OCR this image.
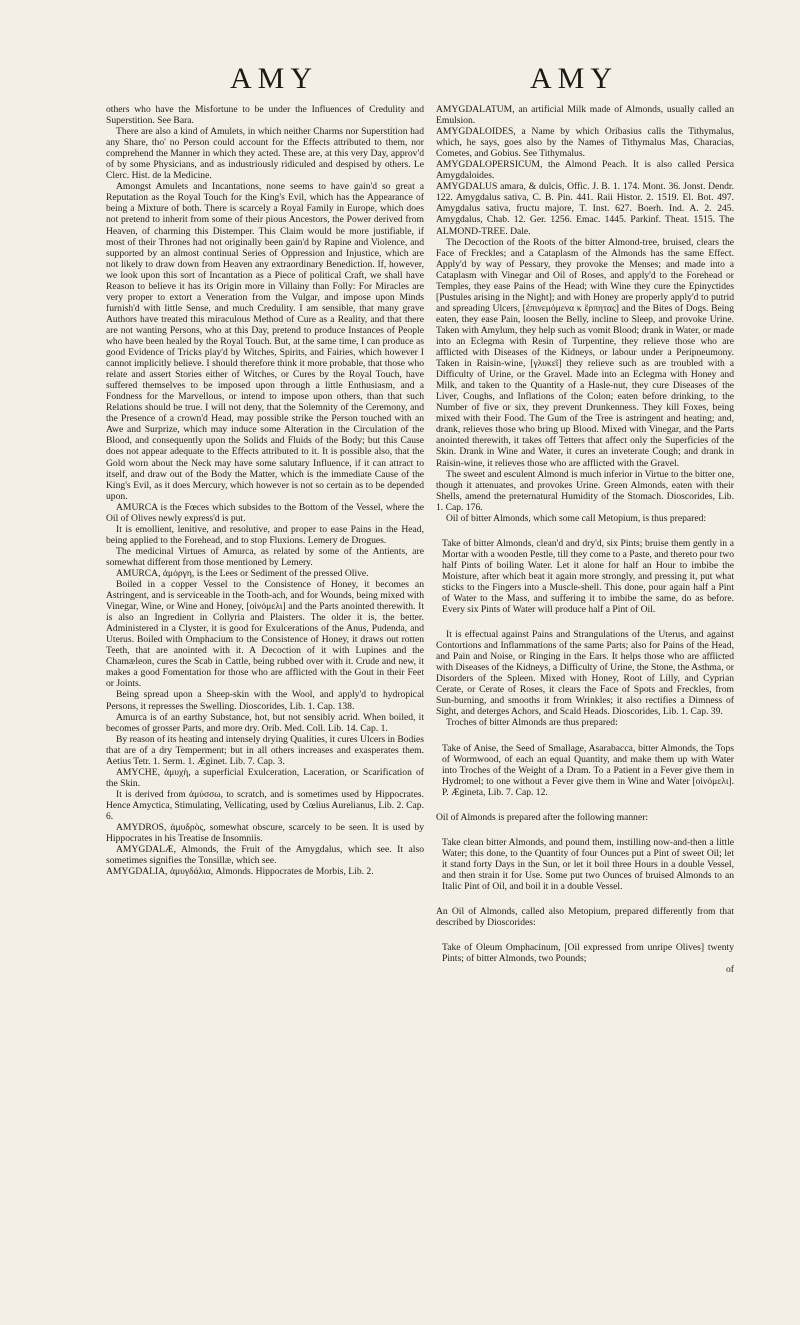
AMY	AMY

others who have the Misfortune to be under the Influences of Credulity and Superstition. See Bara.

There are also a kind of Amulets, in which neither Charms nor Superstition had any Share, tho' no Person could account for the Effects attributed to them, nor comprehend the Manner in which they acted. These are, at this very Day, approv'd of by some Physicians, and as industriously ridiculed and despised by others. Le Clerc. Hist. de la Medicine.

Amongst Amulets and Incantations, none seems to have gain'd so great a Reputation as the Royal Touch for the King's Evil, which has the Appearance of being a Mixture of both. There is scarcely a Royal Family in Europe, which does not pretend to inherit from some of their pious Ancestors, the Power derived from Heaven, of charming this Distemper. This Claim would be more justifiable, if most of their Thrones had not originally been gain'd by Rapine and Violence, and supported by an almost continual Series of Oppression and Injustice, which are not likely to draw down from Heaven any extraordinary Benediction. If, however, we look upon this sort of Incantation as a Piece of political Craft, we shall have Reason to believe it has its Origin more in Villainy than Folly: For Miracles are very proper to extort a Veneration from the Vulgar, and impose upon Minds furnish'd with little Sense, and much Credulity. I am sensible, that many grave Authors have treated this miraculous Method of Cure as a Reality, and that there are not wanting Persons, who at this Day, pretend to produce Instances of People who have been healed by the Royal Touch. But, at the same time, I can produce as good Evidence of Tricks play'd by Witches, Spirits, and Fairies, which however I cannot implicitly believe. I should therefore think it more probable, that those who relate and assert Stories either of Witches, or Cures by the Royal Touch, have suffered themselves to be imposed upon through a little Enthusiasm, and a Fondness for the Marvellous, or intend to impose upon others, than that such Relations should be true. I will not deny, that the Solemnity of the Ceremony, and the Presence of a crown'd Head, may possible strike the Person touched with an Awe and Surprize, which may induce some Alteration in the Circulation of the Blood, and consequently upon the Solids and Fluids of the Body; but this Cause does not appear adequate to the Effects attributed to it. It is possible also, that the Gold worn about the Neck may have some salutary Influence, if it can attract to itself, and draw out of the Body the Matter, which is the immediate Cause of the King's Evil, as it does Mercury, which however is not so certain as to be depended upon.

AMURCA is the Fœces which subsides to the Bottom of the Vessel, where the Oil of Olives newly express'd is put.

It is emollient, lenitive, and resolutive, and proper to ease Pains in the Head, being applied to the Forehead, and to stop Fluxions. Lemery de Drogues.

The medicinal Virtues of Amurca, as related by some of the Antients, are somewhat different from those mentioned by Lemery.

AMURCA, ἀμόργη, is the Lees or Sediment of the pressed Olive.

Boiled in a copper Vessel to the Consistence of Honey, it becomes an Astringent, and is serviceable in the Tooth-ach, and for Wounds, being mixed with Vinegar, Wine, or Wine and Honey, [οἰνόμελι] and the Parts anointed therewith. It is also an Ingredient in Collyria and Plaisters. The older it is, the better. Administered in a Clyster, it is good for Exulcerations of the Anus, Pudenda, and Uterus. Boiled with Omphacium to the Consistence of Honey, it draws out rotten Teeth, that are anointed with it. A Decoction of it with Lupines and the Chamæleon, cures the Scab in Cattle, being rubbed over with it. Crude and new, it makes a good Fomentation for those who are afflicted with the Gout in their Feet or Joints.

Being spread upon a Sheep-skin with the Wool, and apply'd to hydropical Persons, it represses the Swelling. Dioscorides, Lib. 1. Cap. 138.

Amurca is of an earthy Substance, hot, but not sensibly acrid. When boiled, it becomes of grosser Parts, and more dry. Orib. Med. Coll. Lib. 14. Cap. 1.

By reason of its heating and intensely drying Qualities, it cures Ulcers in Bodies that are of a dry Temperment; but in all others increases and exasperates them. Aetius Tetr. 1. Serm. 1. Æginet. Lib. 7. Cap. 3.

AMYCHE, ἀμυχὴ, a superficial Exulceration, Laceration, or Scarification of the Skin.

It is derived from ἀμύσσω, to scratch, and is sometimes used by Hippocrates. Hence Amyctica, Stimulating, Vellicating, used by Cœlius Aurelianus, Lib. 2. Cap. 6.

AMYDROS, ἀμυδρὸς, somewhat obscure, scarcely to be seen. It is used by Hippocrates in his Treatise de Insomniis.

AMYGDALÆ, Almonds, the Fruit of the Amygdalus, which see. It also sometimes signifies the Tonsillæ, which see.

AMYGDALIA, ἀμυγδάλια, Almonds. Hippocrates de Morbis, Lib. 2.

AMYGDALATUM, an artificial Milk made of Almonds, usually called an Emulsion.

AMYGDALOIDES, a Name by which Oribasius calls the Tithymalus, which, he says, goes also by the Names of Tithymalus Mas, Characias, Cometes, and Gobius. See Tithymalus.

AMYGDALOPERSICUM, the Almond Peach. It is also called Persica Amygdaloides.

AMYGDALUS amara, & dulcis, Offic. J. B. 1. 174. Mont. 36. Jonst. Dendr. 122. Amygdalus sativa, C. B. Pin. 441. Raii Histor. 2. 1519. El. Bot. 497. Amygdalus sativa, fructu majore, T. Inst. 627. Boerh. Ind. A. 2. 245. Amygdalus, Chab. 12. Ger. 1256. Emac. 1445. Parkinf. Theat. 1515. The ALMOND-TREE. Dale.

The Decoction of the Roots of the bitter Almond-tree, bruised, clears the Face of Freckles; and a Cataplasm of the Almonds has the same Effect. Apply'd by way of Pessary, they provoke the Menses; and made into a Cataplasm with Vinegar and Oil of Roses, and apply'd to the Forehead or Temples, they ease Pains of the Head; with Wine they cure the Epinyctides [Pustules arising in the Night]; and with Honey are properly apply'd to putrid and spreading Ulcers, [ἐπινεμόμενα κ ἕρπητας] and the Bites of Dogs. Being eaten, they ease Pain, loosen the Belly, incline to Sleep, and provoke Urine. Taken with Amylum, they help such as vomit Blood; drank in Water, or made into an Eclegma with Resin of Turpentine, they relieve those who are afflicted with Diseases of the Kidneys, or labour under a Peripneumony. Taken in Raisin-wine, [γλυκεῖ] they relieve such as are troubled with a Difficulty of Urine, or the Gravel. Made into an Eclegma with Honey and Milk, and taken to the Quantity of a Hasle-nut, they cure Diseases of the Liver, Coughs, and Inflations of the Colon; eaten before drinking, to the Number of five or six, they prevent Drunkenness. They kill Foxes, being mixed with their Food. The Gum of the Tree is astringent and heating; and, drank, relieves those who bring up Blood. Mixed with Vinegar, and the Parts anointed therewith, it takes off Tetters that affect only the Superficies of the Skin. Drank in Wine and Water, it cures an inveterate Cough; and drank in Raisin-wine, it relieves those who are afflicted with the Gravel.

The sweet and esculent Almond is much inferior in Virtue to the bitter one, though it attenuates, and provokes Urine. Green Almonds, eaten with their Shells, amend the preternatural Humidity of the Stomach. Dioscorides, Lib. 1. Cap. 176.

Oil of bitter Almonds, which some call Metopium, is thus prepared:

Take of bitter Almonds, clean'd and dry'd, six Pints; bruise them gently in a Mortar with a wooden Pestle, till they come to a Paste, and thereto pour two half Pints of boiling Water. Let it alone for half an Hour to imbibe the Moisture, after which beat it again more strongly, and pressing it, put what sticks to the Fingers into a Muscle-shell. This done, pour again half a Pint of Water to the Mass, and suffering it to imbibe the same, do as before. Every six Pints of Water will produce half a Pint of Oil.

It is effectual against Pains and Strangulations of the Uterus, and against Contortions and Inflammations of the same Parts; also for Pains of the Head, and Pain and Noise, or Ringing in the Ears. It helps those who are afflicted with Diseases of the Kidneys, a Difficulty of Urine, the Stone, the Asthma, or Disorders of the Spleen. Mixed with Honey, Root of Lilly, and Cyprian Cerate, or Cerate of Roses, it clears the Face of Spots and Freckles, from Sun-burning, and smooths it from Wrinkles; it also rectifies a Dimness of Sight, and deterges Achors, and Scald Heads. Dioscorides, Lib. 1. Cap. 39.

Troches of bitter Almonds are thus prepared:

Take of Anise, the Seed of Smallage, Asarabacca, bitter Almonds, the Tops of Wormwood, of each an equal Quantity, and make them up with Water into Troches of the Weight of a Dram. To a Patient in a Fever give them in Hydromel; to one without a Fever give them in Wine and Water [οἰνόμελι]. P. Ægineta, Lib. 7. Cap. 12.

Oil of Almonds is prepared after the following manner:

Take clean bitter Almonds, and pound them, instilling now-and-then a little Water; this done, to the Quantity of four Ounces put a Pint of sweet Oil; let it stand forty Days in the Sun, or let it boil three Hours in a double Vessel, and then strain it for Use. Some put two Ounces of bruised Almonds to an Italic Pint of Oil, and boil it in a double Vessel.

An Oil of Almonds, called also Metopium, prepared differently from that described by Dioscorides:

Take of Oleum Omphacinum, [Oil expressed from unripe Olives] twenty Pints; of bitter Almonds, two Pounds;

of
